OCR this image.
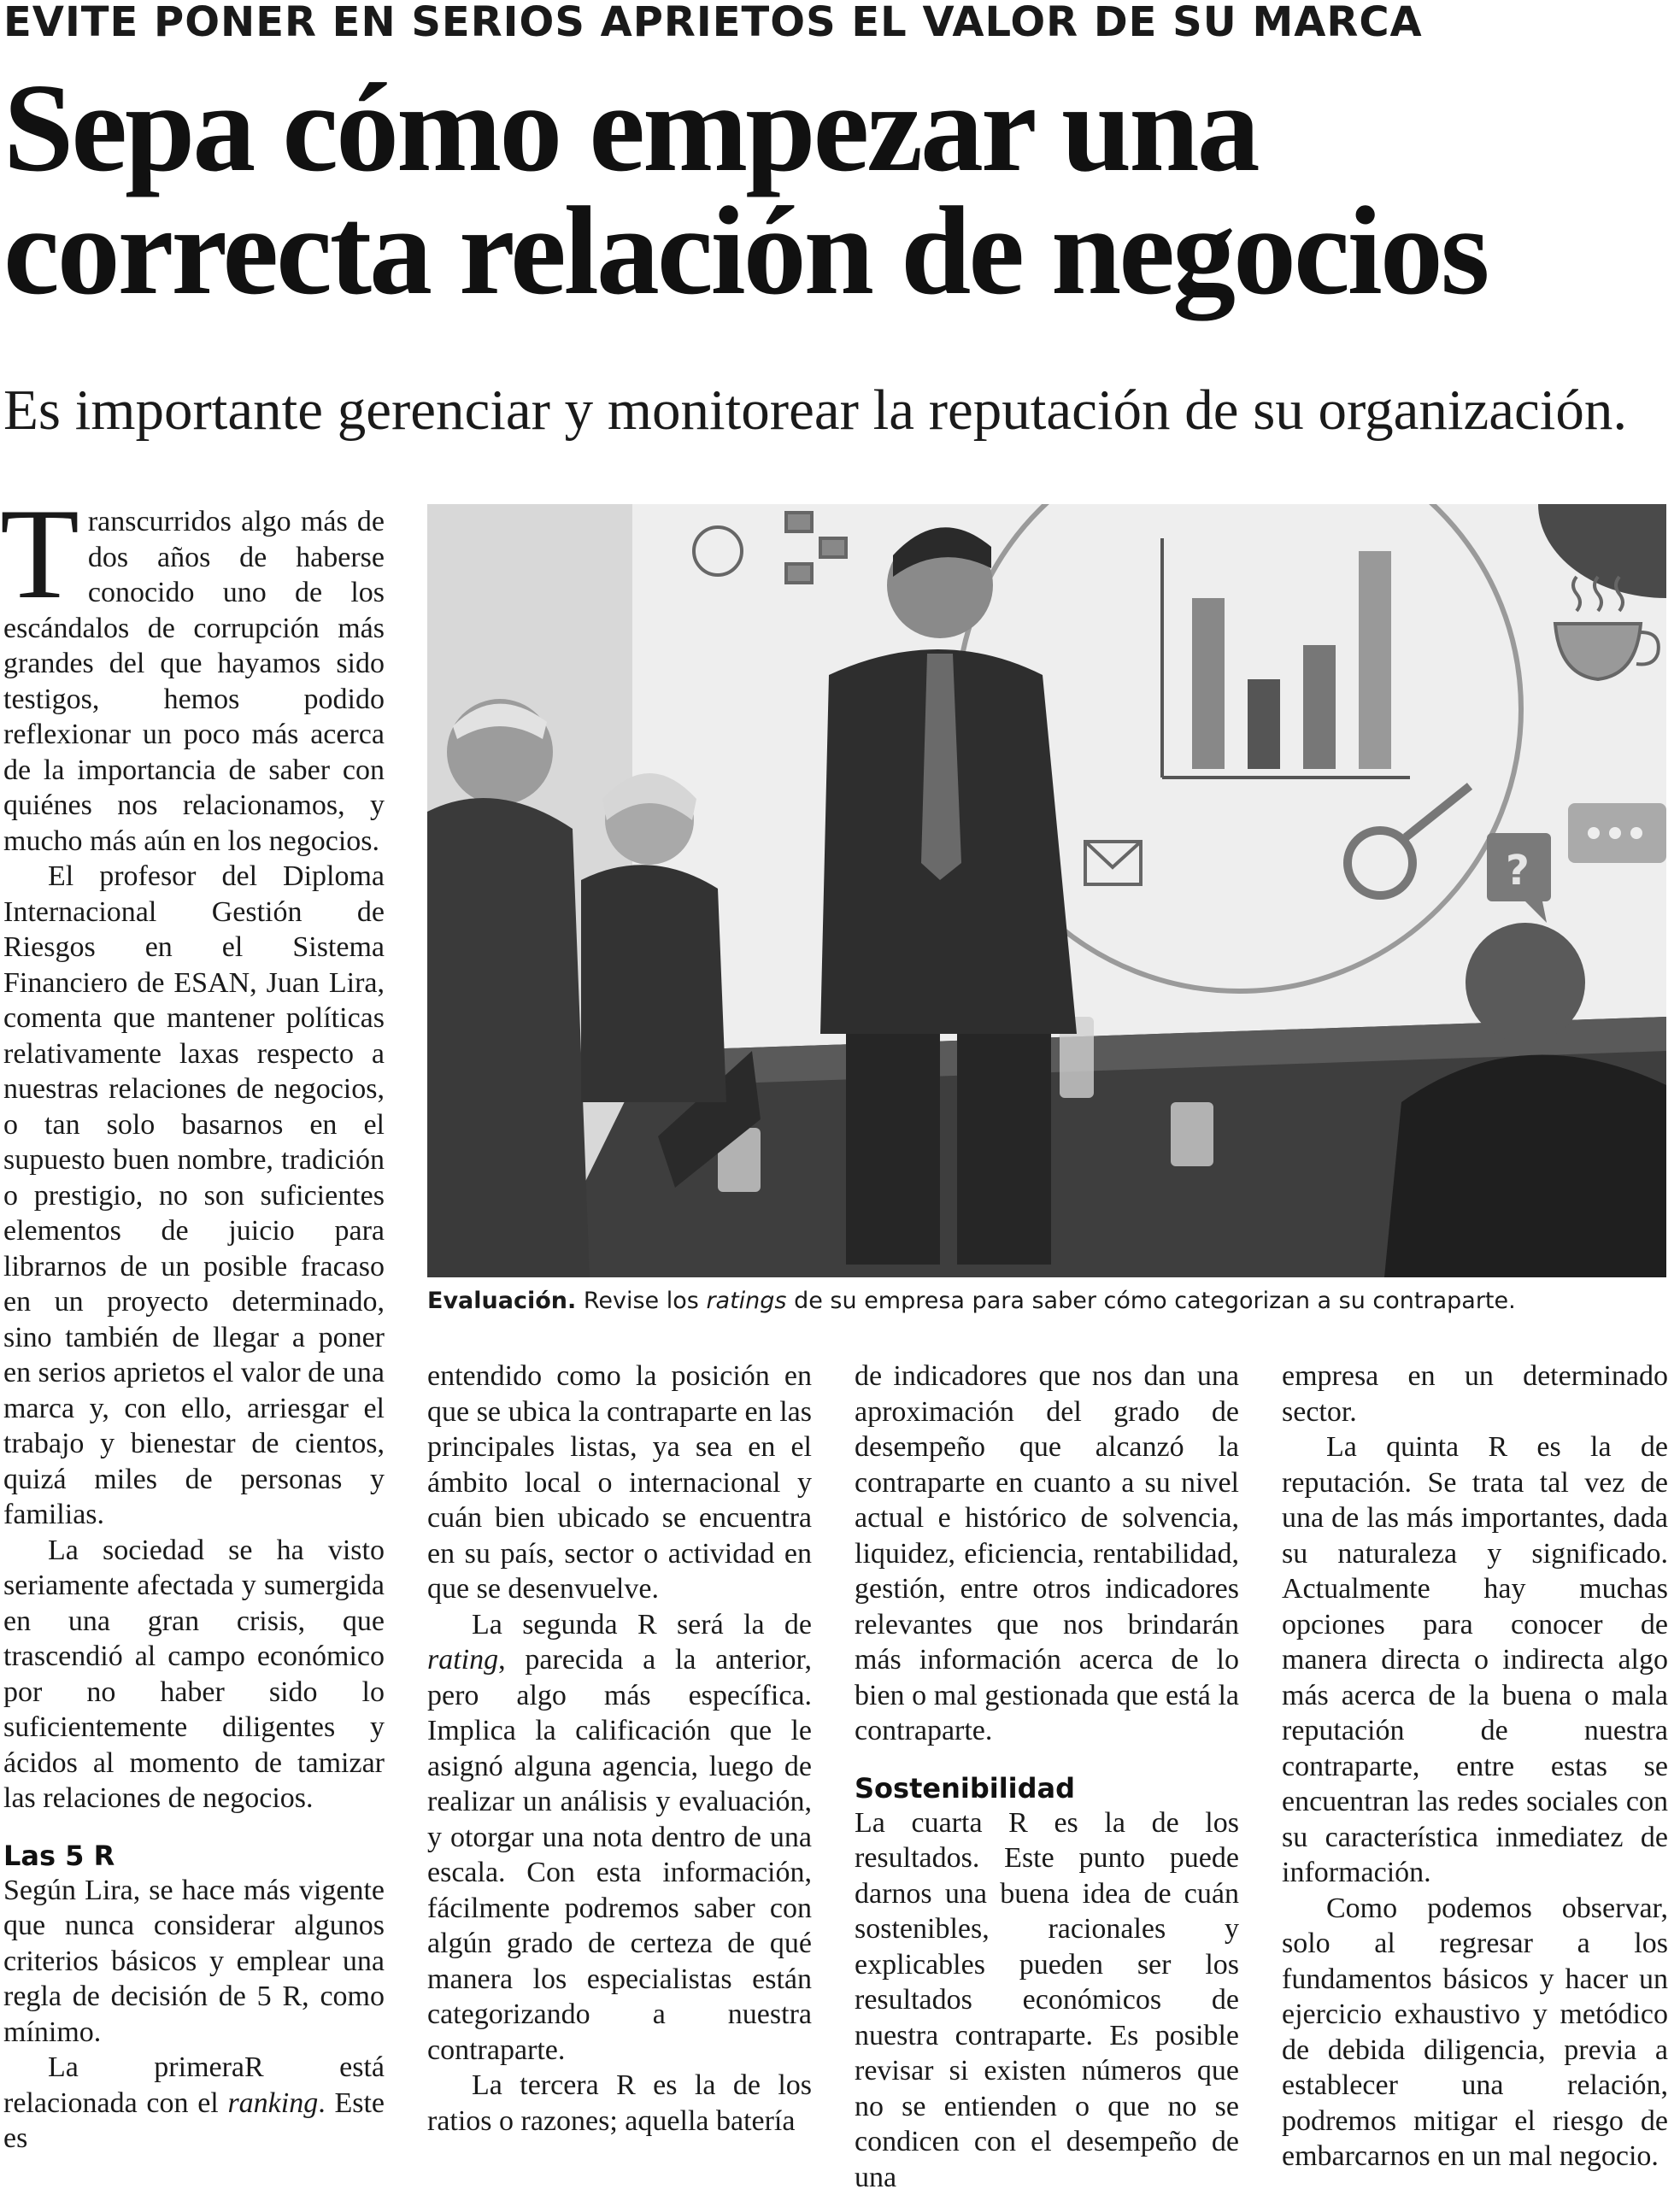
EVITE PONER EN SERIOS APRIETOS EL VALOR DE SU MARCA
Sepa cómo empezar una
correcta relación de negocios
Es importante gerenciar y monitorear la reputación de su organización.

Transcurridos algo más de dos años de haberse conocido uno de los escándalos de corrupción más grandes del que hayamos sido testigos, hemos podido reflexionar un poco más acerca de la importancia de saber con quiénes nos relacionamos, y mucho más aún en los negocios.

El profesor del Diploma Internacional Gestión de Riesgos en el Sistema Financiero de ESAN, Juan Lira, comenta que mantener políticas relativamente laxas respecto a nuestras relaciones de negocios, o tan solo basarnos en el supuesto buen nombre, tradición o prestigio, no son suficientes elementos de juicio para librarnos de un posible fracaso en un proyecto determinado, sino también de llegar a poner en serios aprietos el valor de una marca y, con ello, arriesgar el trabajo y bienestar de cientos, quizá miles de personas y familias.

La sociedad se ha visto seriamente afectada y sumergida en una gran crisis, que trascendió al campo económico por no haber sido lo suficientemente diligentes y ácidos al momento de tamizar las relaciones de negocios.

Las 5 R

Según Lira, se hace más vigente que nunca considerar algunos criterios básicos y emplear una regla de decisión de 5 R, como mínimo.

La primeraR está relacionada con el ranking. Este es

?
Evaluación. Revise los ratings de su empresa para saber cómo categorizan a su contraparte.

entendido como la posición en que se ubica la contraparte en las principales listas, ya sea en el ámbito local o internacional y cuán bien ubicado se encuentra en su país, sector o actividad en que se desenvuelve.

La segunda R será la de rating, parecida a la anterior, pero algo más específica. Implica la calificación que le asignó alguna agencia, luego de realizar un análisis y evaluación, y otorgar una nota dentro de una escala. Con esta información, fácilmente podremos saber con algún grado de certeza de qué manera los especialistas están categorizando a nuestra contraparte.

La tercera R es la de los ratios o razones; aquella batería

de indicadores que nos dan una aproximación del grado de desempeño que alcanzó la contraparte en cuanto a su nivel actual e histórico de solvencia, liquidez, eficiencia, rentabilidad, gestión, entre otros indicadores relevantes que nos brindarán más información acerca de lo bien o mal gestionada que está la contraparte.

Sostenibilidad

La cuarta R es la de los resultados. Este punto puede darnos una buena idea de cuán sostenibles, racionales y explicables pueden ser los resultados económicos de nuestra contraparte. Es posible revisar si existen números que no se entienden o que no se condicen con el desempeño de una

empresa en un determinado sector.

La quinta R es la de reputación. Se trata tal vez de una de las más importantes, dada su naturaleza y significado. Actualmente hay muchas opciones para conocer de manera directa o indirecta algo más acerca de la buena o mala reputación de nuestra contraparte, entre estas se encuentran las redes sociales con su característica inmediatez de información.

Como podemos observar, solo al regresar a los fundamentos básicos y hacer un ejercicio exhaustivo y metódico de debida diligencia, previa a establecer una relación, podremos mitigar el riesgo de embarcarnos en un mal negocio.
